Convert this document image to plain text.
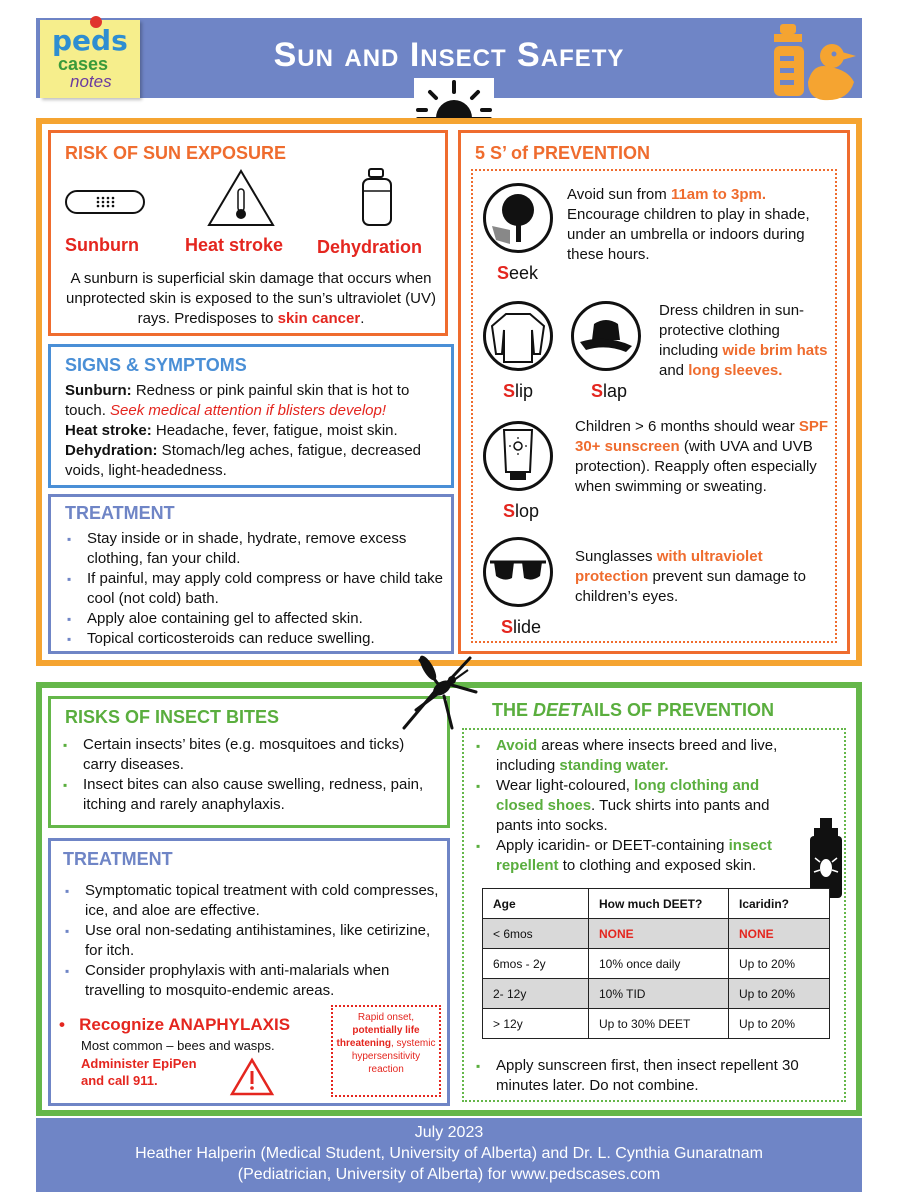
Sun and Insect Safety
peds
cases
notes
RISK OF SUN EXPOSURE
Sunburn	Heat stroke Dehydration
A sunburn is superficial skin damage that occurs when unprotected skin is exposed to the sun’s ultraviolet (UV) rays. Predisposes to skin cancer.
SIGNS & SYMPTOMS
Sunburn: Redness or pink painful skin that is hot to touch. Seek medical attention if blisters develop!
Heat stroke: Headache, fever, fatigue, moist skin.
Dehydration: Stomach/leg aches, fatigue, decreased voids, light-headedness.
TREATMENT
▪ Stay inside or in shade, hydrate, remove excess clothing, fan your child.
▪ If painful, may apply cold compress or have child take cool (not cold) bath.
▪ Apply aloe containing gel to affected skin.
▪ Topical corticosteroids can reduce swelling.
5 S’ of PREVENTION
Seek
Avoid sun from 11am to 3pm. Encourage children to play in shade, under an umbrella or indoors during these hours.
Slip	Slap
Dress children in sun-protective clothing including wide brim hats and long sleeves.
Slop
Children > 6 months should wear SPF 30+ sunscreen (with UVA and UVB protection). Reapply often especially when swimming or sweating.
Slide
Sunglasses with ultraviolet protection prevent sun damage to children’s eyes.
RISKS OF INSECT BITES
▪ Certain insects’ bites (e.g. mosquitoes and ticks) carry diseases.
▪ Insect bites can also cause swelling, redness, pain, itching and rarely anaphylaxis.
TREATMENT
▪ Symptomatic topical treatment with cold compresses, ice, and aloe are effective.
▪ Use oral non-sedating antihistamines, like cetirizine, for itch.
▪ Consider prophylaxis with anti-malarials when travelling to mosquito-endemic areas.
•   Recognize ANAPHYLAXIS
Most common – bees and wasps.
Administer EpiPen and call 911.
Rapid onset,
potentially life threatening, systemic hypersensitivity reaction
THE DEETAILS OF PREVENTION
▪ Avoid areas where insects breed and live, including standing water.
▪ Wear light-coloured, long clothing and closed shoes. Tuck shirts into pants and pants into socks.
▪ Apply icaridin- or DEET-containing insect repellent to clothing and exposed skin.
Age	How much DEET?	Icaridin?
< 6mos	NONE	NONE
6mos - 2y	10% once daily	Up to 20%
2- 12y	10% TID	Up to 20%
> 12y	Up to 30% DEET	Up to 20%
▪ Apply sunscreen first, then insect repellent 30 minutes later. Do not combine.
July 2023
Heather Halperin (Medical Student, University of Alberta) and Dr. L. Cynthia Gunaratnam
(Pediatrician, University of Alberta) for www.pedscases.com
